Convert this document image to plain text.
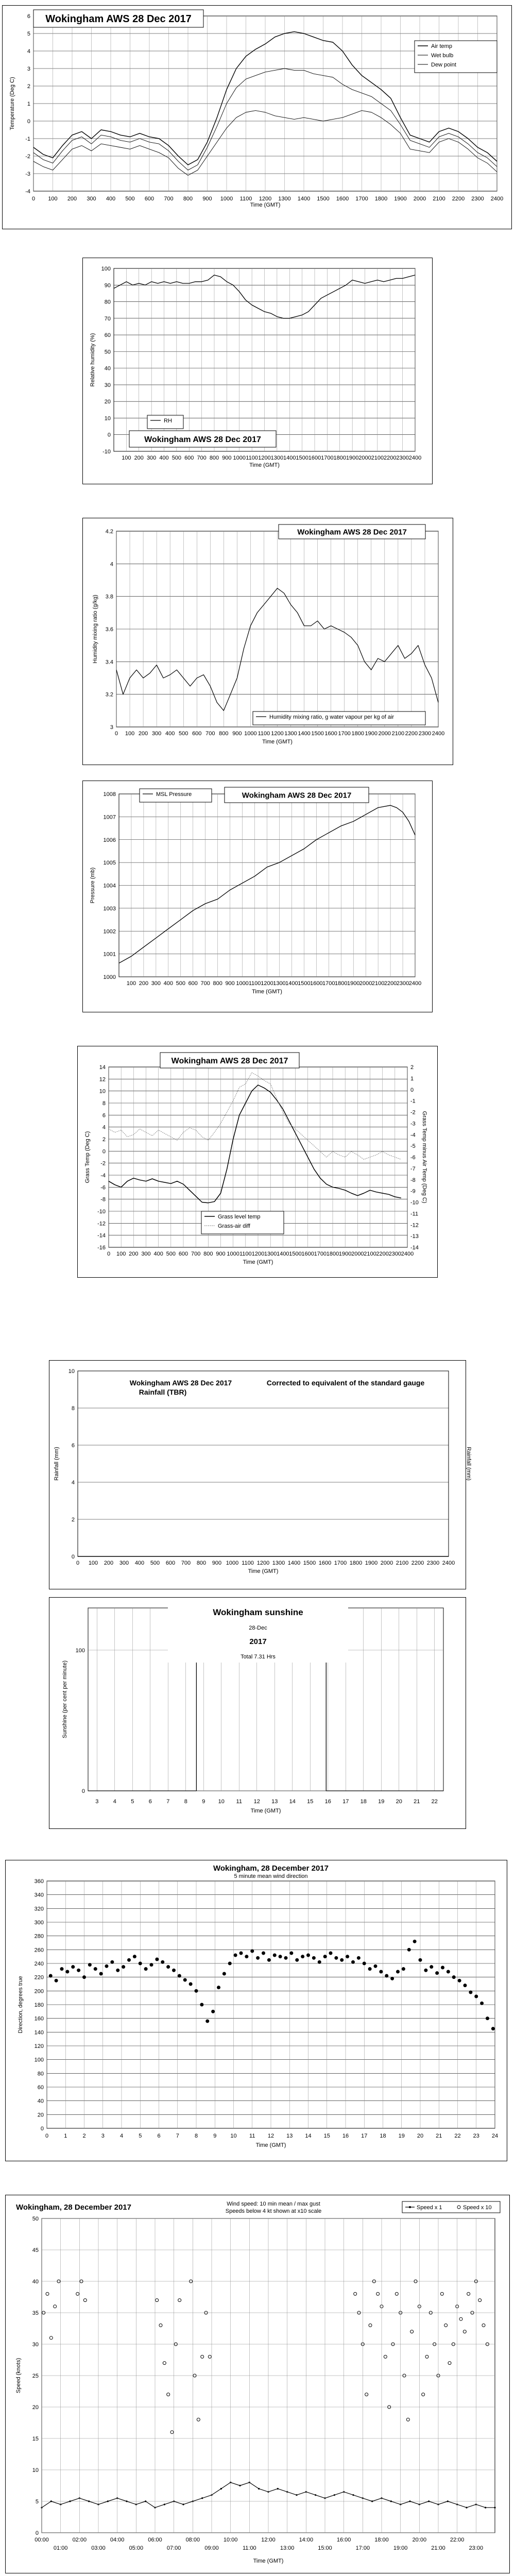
-4
-3
-2
-1
0
1
2
3
4
5
6
0 100 200 300 400 500 600 700 800 900 1000 1100 1200 1300 1400 1500 1600 1700 1800 1900 2000 2100 2200 2300 2400
Time (GMT)
Temperature (Deg C)
Wokingham AWS 28 Dec 2017
Air temp
Wet bulb
Dew point
-10
0
10
20
30
40
50
60
70
80
90
100
100 200 300 400 500 600 700 800 900 1000 1100 1200 1300 1400 1500 1600 1700 1800 1900 2000 2100 2200 2300 2400
Time (GMT)
Relative humidity (%)
RH
Wokingham AWS 28 Dec 2017
3
3.2
3.4
3.6
3.8
4
4.2
0 100 200 300 400 500 600 700 800 900 1000 1100 1200 1300 1400 1500 1600 1700 1800 1900 2000 2100 2200 2300 2400
Time (GMT)
Humidity mixing ratio (g/kg)
Wokingham AWS 28 Dec 2017
Humidity mixing ratio, g water vapour per kg of air
1000
1001
1002
1003
1004
1005
1006
1007
1008
100 200 300 400 500 600 700 800 900 1000 1100 1200 1300 1400 1500 1600 1700 1800 1900 2000 2100 2200 2300 2400
Time (GMT)
Pressure (mb)
MSL Pressure	Wokingham AWS 28 Dec 2017
-16
-14
-12
-10
-8
-6
-4
-2
0
2
4
6
8
10
12
14
0 100 200 300 400 500 600 700 800 900 1000 1100 1200 1300 1400 1500 1600 1700 1800 1900 2000 2100 2200 2300 2400
-14
-13
-12
-11
-10
-9
-8
-7
-6
-5
-4
-3
-2
-1
0
1
2
Time (GMT)
Grass Temp (Deg C)	Grass Temp minus Air Temp (Deg C)
Wokingham AWS 28 Dec 2017
Grass level temp
Grass-air diff
0
2
4
6
8
10
0 100 200 300 400 500 600 700 800 900 1000 1100 1200 1300 1400 1500 1600 1700 1800 1900 2000 2100 2200 2300 2400
Time (GMT)
Rainfall (mm)	Rainfall (mm)
Wokingham AWS 28 Dec 2017
Rainfall (TBR)
Corrected to equivalent of the standard gauge
0
100
3	4	5	6	7	8	9 10 11 12 13 14 15 16 17 18 19 20 21 22
Time (GMT)
Sunshine (per cent per minute)
Wokingham sunshine
28-Dec
2017
Total 7.31 Hrs
0
20
40
60
80
100
120
140
160
180
200
220
240
260
280
300
320
340
360
0	1	2	3	4	5	6	7	8	9 10 11 12 13 14 15 16 17 18 19 20 21 22 23 24
Time (GMT)
Direction, degrees true
Wokingham, 28 December 2017
5 minute mean wind direction
0
5
10
15
20
25
30
35
40
45
50
Time (GMT)
Speed (knots)
00:00	02:00	04:00	06:00	08:00	10:00	12:00	14:00	16:00	18:00	20:00	22:00
01:00	03:00	05:00	07:00	09:00	11:00	13:00	15:00	17:00	19:00	21:00	23:00
Wokingham, 28 December 2017	Wind speed: 10 min mean / max gust
Speeds below 4 kt shown at x10 scale
Speed x 1	Speed x 10
